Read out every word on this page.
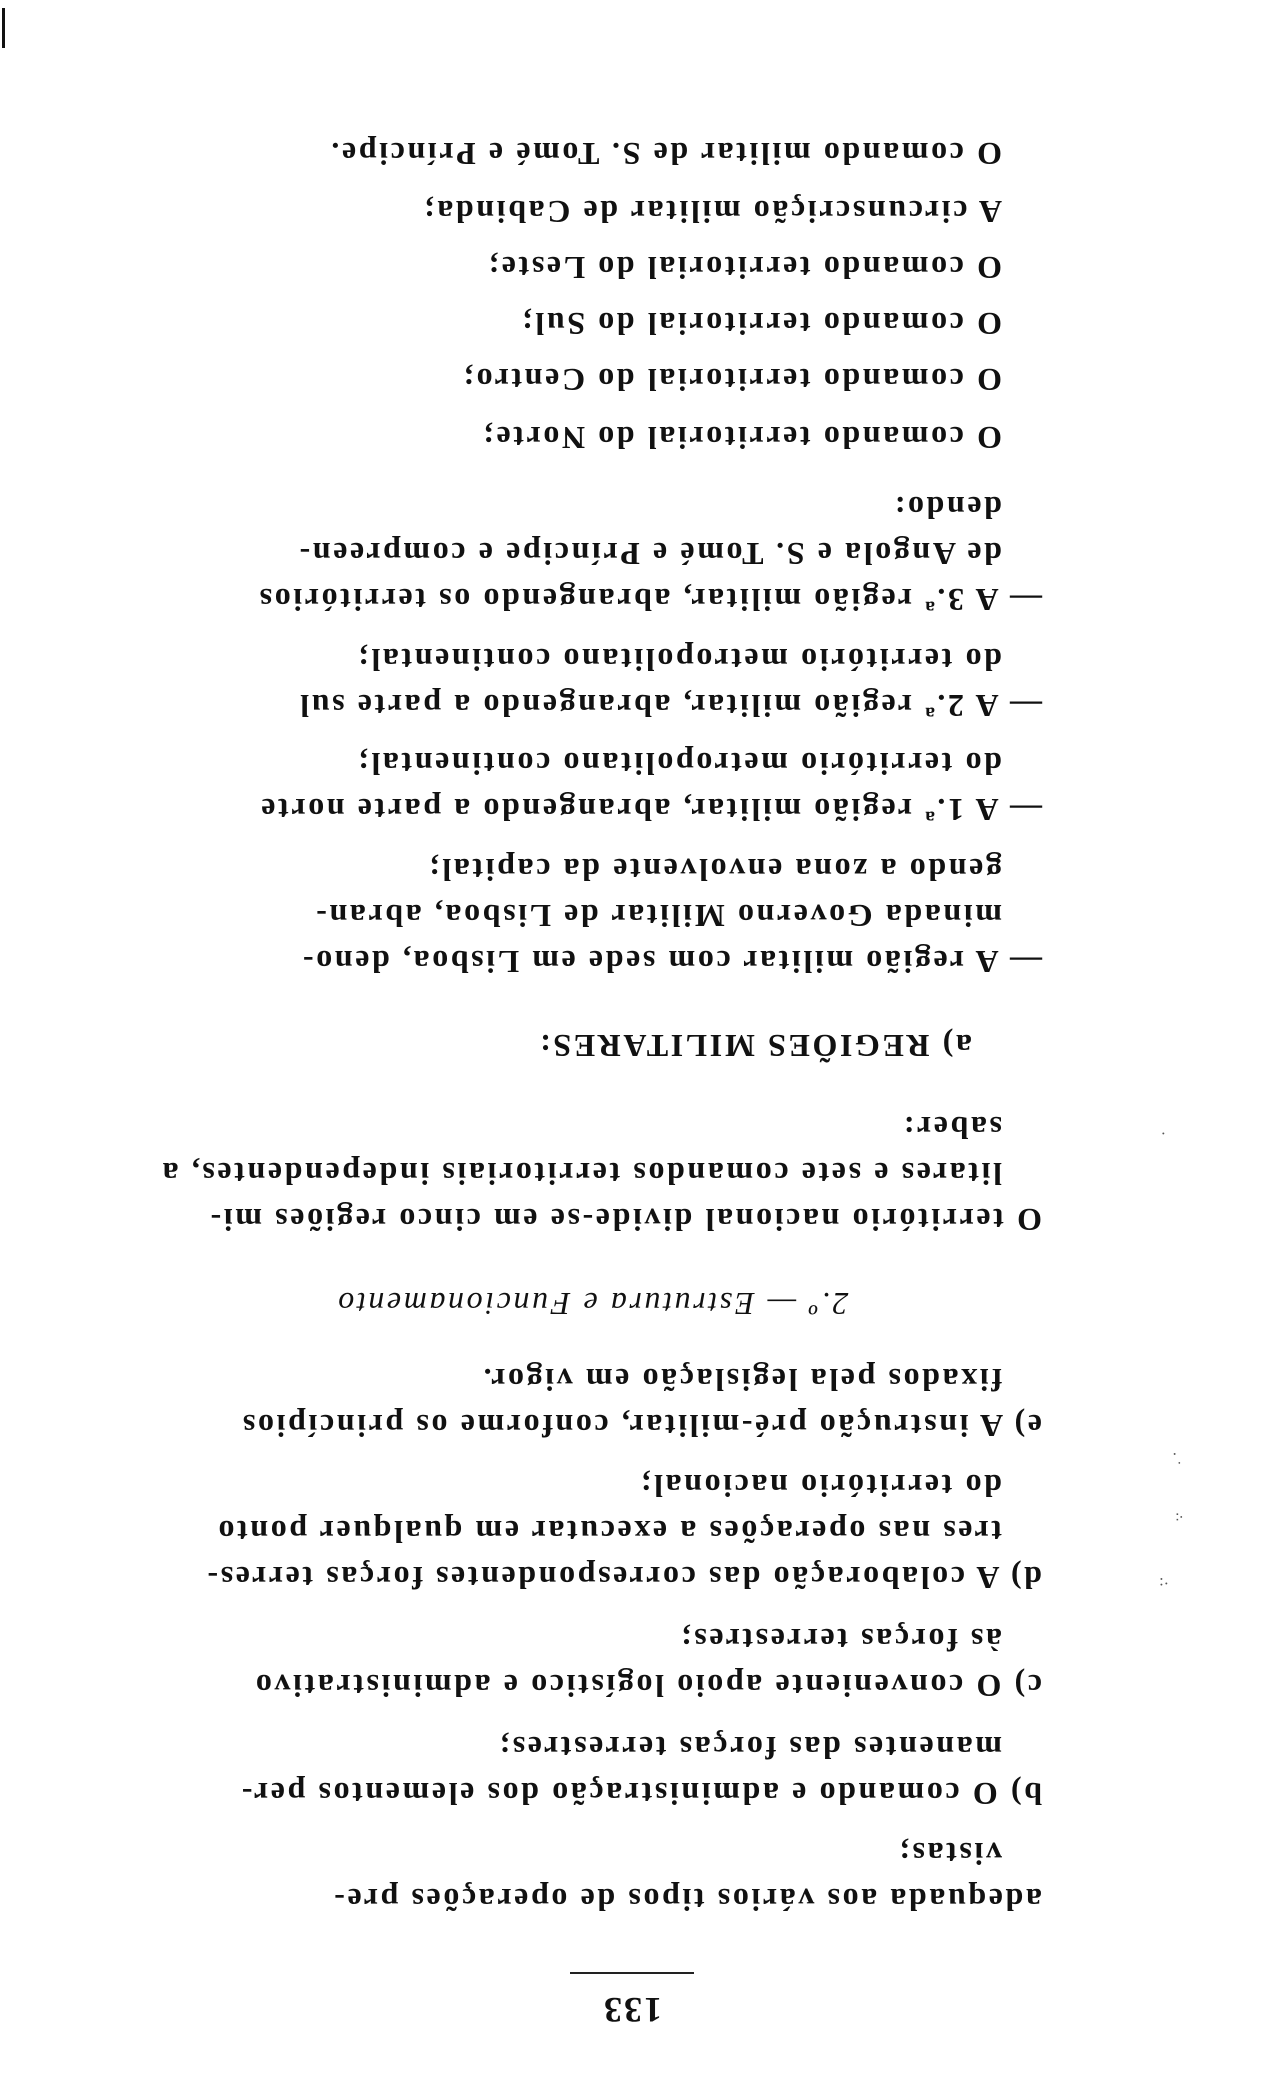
133
adequada aos vários tipos de operações pre-
vistas;
b) O comando e administração dos elementos per-
manentes das forças terrestres;
c) O conveniente apoio logístico e administrativo
às forças terrestres;
d) A colaboração das correspondentes forças terres-
tres nas operações a executar em qualquer ponto
do território nacional;
e) A instrução pré-militar, conforme os princípios
fixados pela legislação em vigor.
2.º — Estrutura e Funcionamento
O território nacional divide-se em cinco regiões mi-
litares e sete comandos territoriais independentes, a
saber:
a) REGIÕES MILITARES:
— A região militar com sede em Lisboa, deno-
minada Governo Militar de Lisboa, abran-
gendo a zona envolvente da capital;
— A 1.ª região militar, abrangendo a parte norte
do território metropolitano continental;
— A 2.ª região militar, abrangendo a parte sul
do território metropolitano continental;
— A 3.ª região militar, abrangendo os territórios
de Angola e S. Tomé e Príncipe e compreen-
dendo:
O comando territorial do Norte;
O comando territorial do Centro;
O comando territorial do Sul;
O comando territorial do Leste;
A circunscrição militar de Cabinda;
O comando militar de S. Tomé e Príncipe.
·:
⁖
˙.
·
